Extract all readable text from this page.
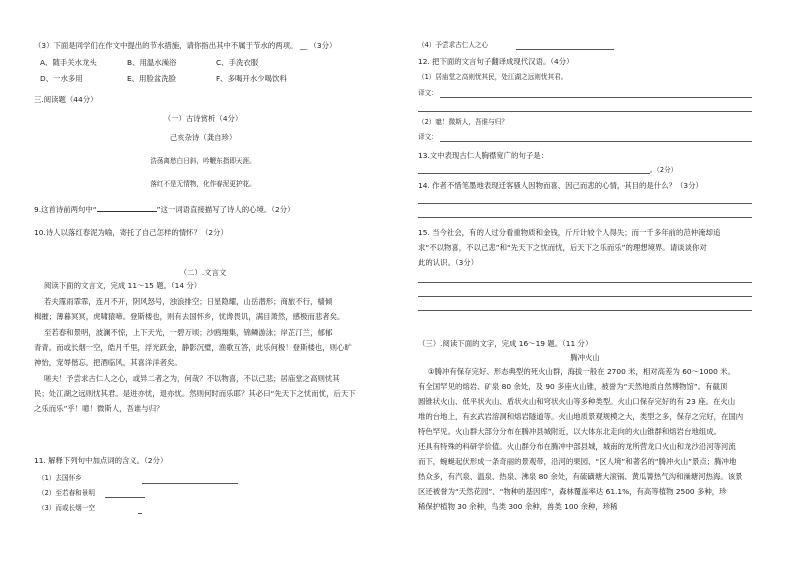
（3）下面是同学们在作文中提出的节水措施，请你指出其中不属于节水的两项。 __ （3分）
A、随手关水龙头	B、用温水澡浴	C、手洗衣服
D、一水多用	E、用脸盆洗脸	F、多喝开水少喝饮料
三.阅读题（44分）
（一）古诗赏析（4分）
己亥杂诗（龚自珍）
浩荡离愁白日斜，吟鞭东指即天涯。
落红不是无情物，化作春泥更护花。
9.这首诗前两句中“	”这一词语直接描写了诗人的心境。（2分）
10.诗人以落红春泥为喻，寄托了自己怎样的情怀？（2分）
（二）.文言文
阅读下面的文言文，完成 11～15 题。（14 分）
若夫霪雨霏霏，连月不开，阴风怒号，浊浪排空；日星隐耀，山岳潜形；商旅不行，樯倾
楫摧；薄暮冥冥，虎啸猿啼。登斯楼也，则有去国怀乡，忧谗畏讥，满目萧然，感极而悲者矣。
至若春和景明，波澜不惊，上下天光，一碧万顷；沙鸥翔集，锦鳞游泳；岸芷汀兰，郁郁
青青。而或长烟一空，皓月千里，浮光跃金，静影沉璧，渔歌互答，此乐何极！登斯楼也，则心旷
神怡，宠辱偕忘，把酒临风，其喜洋洋者矣。
嗟夫！予尝求古仁人之心，或异二者之为，何哉？不以物喜，不以己悲；居庙堂之高则忧其
民；处江湖之远则忧其君。是进亦忧，退亦忧。然则何时而乐耶？其必曰“先天下之忧而忧，后天下
之乐而乐”乎！噫！微斯人，吾谁与归？
11. 解释下列句中加点词的含义。（2分）
（1）去国怀乡
（2）至若春和景明
（3）而或长烟一空
（4）予尝求古仁人之心
12. 把下面的文言句子翻译成现代汉语。（4分）
（1）居庙堂之高则忧其民，处江湖之远则忧其君。
译文：
（2）噫！微斯人，吾谁与归？
译文：
13.文中表现古仁人胸襟宽广的句子是：
。（2分）
14. 作者不惜笔墨地表现迁客骚人因物而喜、因己而悲的心情，其目的是什么？（3分）
15. 当今社会，有的人过分看重物质和金钱，斤斤计较个人得失；而一千多年前的范仲淹却追
求“不以物喜，不以己悲”和“先天下之忧而忧，后天下之乐而乐”的理想境界。请谈谈你对
此的认识。（3分）
（三）.阅读下面的文字，完成 16～19 题。（11 分）
腾冲火山
①腾冲有保存完好、形态典型的死火山群，海拔一般在 2700 米，相对高差为 60～1000 米。
有全国罕见的熔岩、矿泉 80 余处，及 90 多座火山锥，被誉为“天然地质自然博物馆”。有截顶
圆锥状火山、低平状火山、盾状火山和穹状火山等多种类型。火山口保存完好的有 23 座。在火山
堆的台地上，有玄武岩溶洞和熔岩隧道等。火山地质景观规模之大，类型之多，保存之完好，在国内
特色罕见。火山群大部分分布在腾冲县城附近，以大体东北走向的火山锥群和熔岩台地组成。
还具有特殊的科研学价值。火山群分布在腾冲中部县城，城南的龙所营龙口火山和龙沙沿河等河流
而下，蜿蜒起伏形成一条奇丽的景观带，沿河的果园、“区人境”和著名的“腾冲火山”景点；腾冲地
热众多，有汽泉、温泉、热泉、沸泉 80 余处，有硫磺塘大滚锅、黄瓜箐热气沟和澡塘河热海。该景
区还被誉为“天然花园”、“物种的基因库”，森林覆盖率达 61.1%，有高等植物 2500 多种，珍
稀保护植物 30 余种，鸟类 300 余种，兽类 100 余种，珍稀
